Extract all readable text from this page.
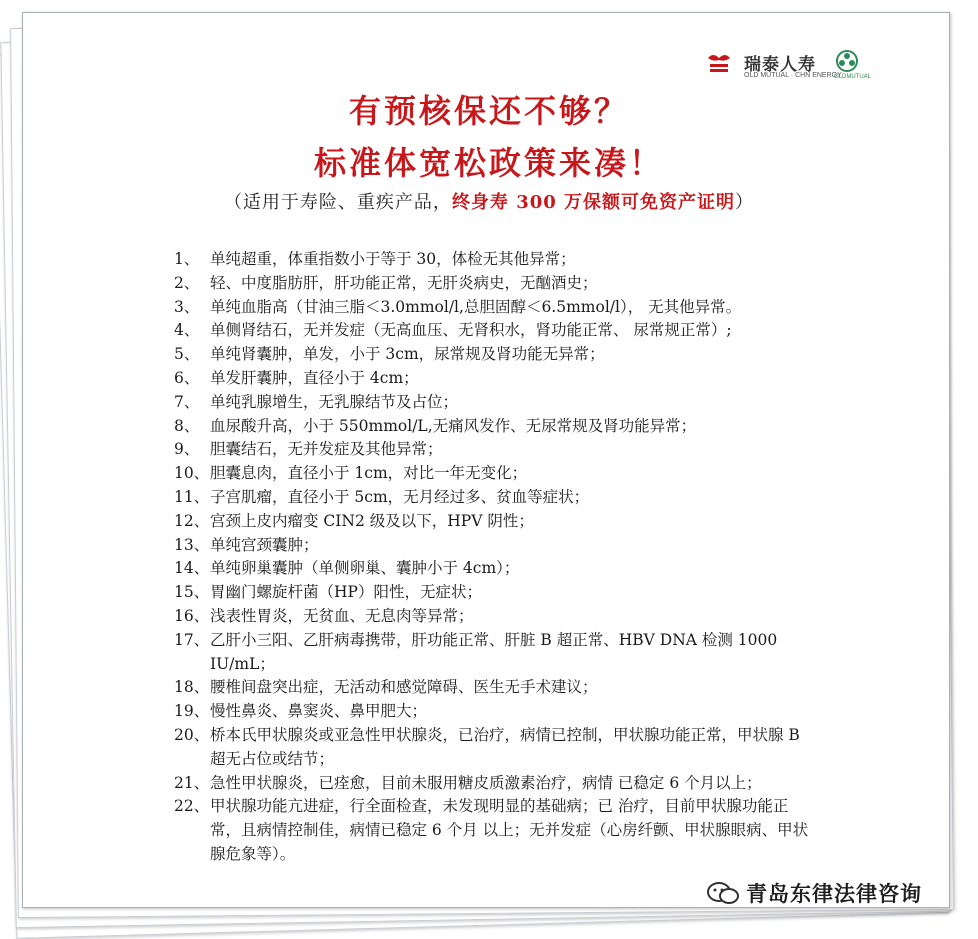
瑞泰人寿
OLD MUTUAL · CHN ENERGY
OLDMUTUAL
有预核保还不够？
标准体宽松政策来凑！
（适用于寿险、重疾产品，终身寿 300 万保额可免资产证明）
1、 单纯超重，体重指数小于等于 30，体检无其他异常；
2、 轻、中度脂肪肝，肝功能正常，无肝炎病史，无酗酒史；
3、 单纯血脂高（甘油三脂＜3.0mmol/l,总胆固醇＜6.5mmol/l）， 无其他异常。
4、 单侧肾结石，无并发症（无高血压、无肾积水，肾功能正常、 尿常规正常）;
5、 单纯肾囊肿，单发，小于 3cm，尿常规及肾功能无异常；
6、 单发肝囊肿，直径小于 4cm；
7、 单纯乳腺增生，无乳腺结节及占位；
8、 血尿酸升高，小于 550mmol/L,无痛风发作、无尿常规及肾功能异常；
9、 胆囊结石，无并发症及其他异常；
10、 胆囊息肉，直径小于 1cm，对比一年无变化；
11、 子宫肌瘤，直径小于 5cm，无月经过多、贫血等症状；
12、 宫颈上皮内瘤变 CIN2 级及以下，HPV 阴性；
13、 单纯宫颈囊肿；
14、 单纯卵巢囊肿（单侧卵巢、囊肿小于 4cm）；
15、 胃幽门螺旋杆菌（HP）阳性，无症状；
16、 浅表性胃炎，无贫血、无息肉等异常；
17、 乙肝小三阳、乙肝病毒携带，肝功能正常、肝脏 B 超正常、HBV DNA 检测 1000 IU/mL；
18、 腰椎间盘突出症，无活动和感觉障碍、医生无手术建议；
19、 慢性鼻炎、鼻窦炎、鼻甲肥大；
20、 桥本氏甲状腺炎或亚急性甲状腺炎，已治疗，病情已控制，甲状腺功能正常，甲状腺 B 超无占位或结节；
21、 急性甲状腺炎，已痊愈，目前未服用糖皮质激素治疗，病情 已稳定 6 个月以上；
22、 甲状腺功能亢进症，行全面检查，未发现明显的基础病；已 治疗，目前甲状腺功能正常，且病情控制佳，病情已稳定 6 个月 以上；无并发症（心房纤颤、甲状腺眼病、甲状腺危象等）。
青岛东律法律咨询
